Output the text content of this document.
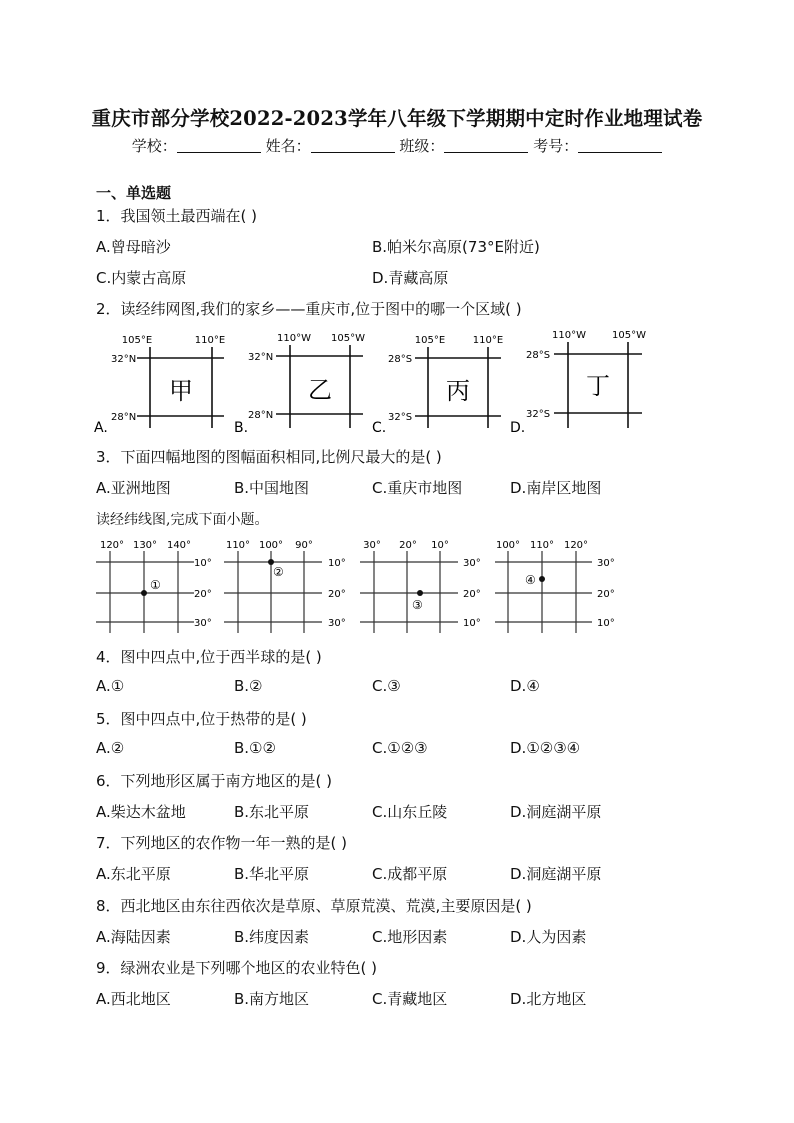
重庆市部分学校2022-2023学年八年级下学期期中定时作业地理试卷
学校：	姓名：	班级：	考号：
一、单选题
1．我国领土最西端在( )
A.曾母暗沙	B.帕米尔高原(73°E附近)
C.内蒙古高原	D.青藏高原
2．读经纬网图,我们的家乡——重庆市,位于图中的哪一个区域( )
A.
105°E	110°E
32°N
28°N
甲
B.
110°W 105°W
32°N
28°N
乙
C.
105°E	110°E
28°S
32°S
丙
D.
110°W	105°W
28°S
32°S
丁
3．下面四幅地图的图幅面积相同,比例尺最大的是( )
A.亚洲地图	B.中国地图	C.重庆市地图	D.南岸区地图
读经纬线图,完成下面小题。
120° 130° 140°
10°
20°
30°
①
110° 100° 90°
10°
20°
30°
②
30° 20° 10°
30°
20°
10°
③
100° 110° 120°
30°
20°
10°
④
4．图中四点中,位于西半球的是( )
A.①	B.②	C.③	D.④
5．图中四点中,位于热带的是( )
A.②	B.①②	C.①②③	D.①②③④
6．下列地形区属于南方地区的是( )
A.柴达木盆地	B.东北平原	C.山东丘陵	D.洞庭湖平原
7．下列地区的农作物一年一熟的是( )
A.东北平原	B.华北平原	C.成都平原	D.洞庭湖平原
8．西北地区由东往西依次是草原、草原荒漠、荒漠,主要原因是( )
A.海陆因素	B.纬度因素	C.地形因素	D.人为因素
9．绿洲农业是下列哪个地区的农业特色( )
A.西北地区	B.南方地区	C.青藏地区	D.北方地区
